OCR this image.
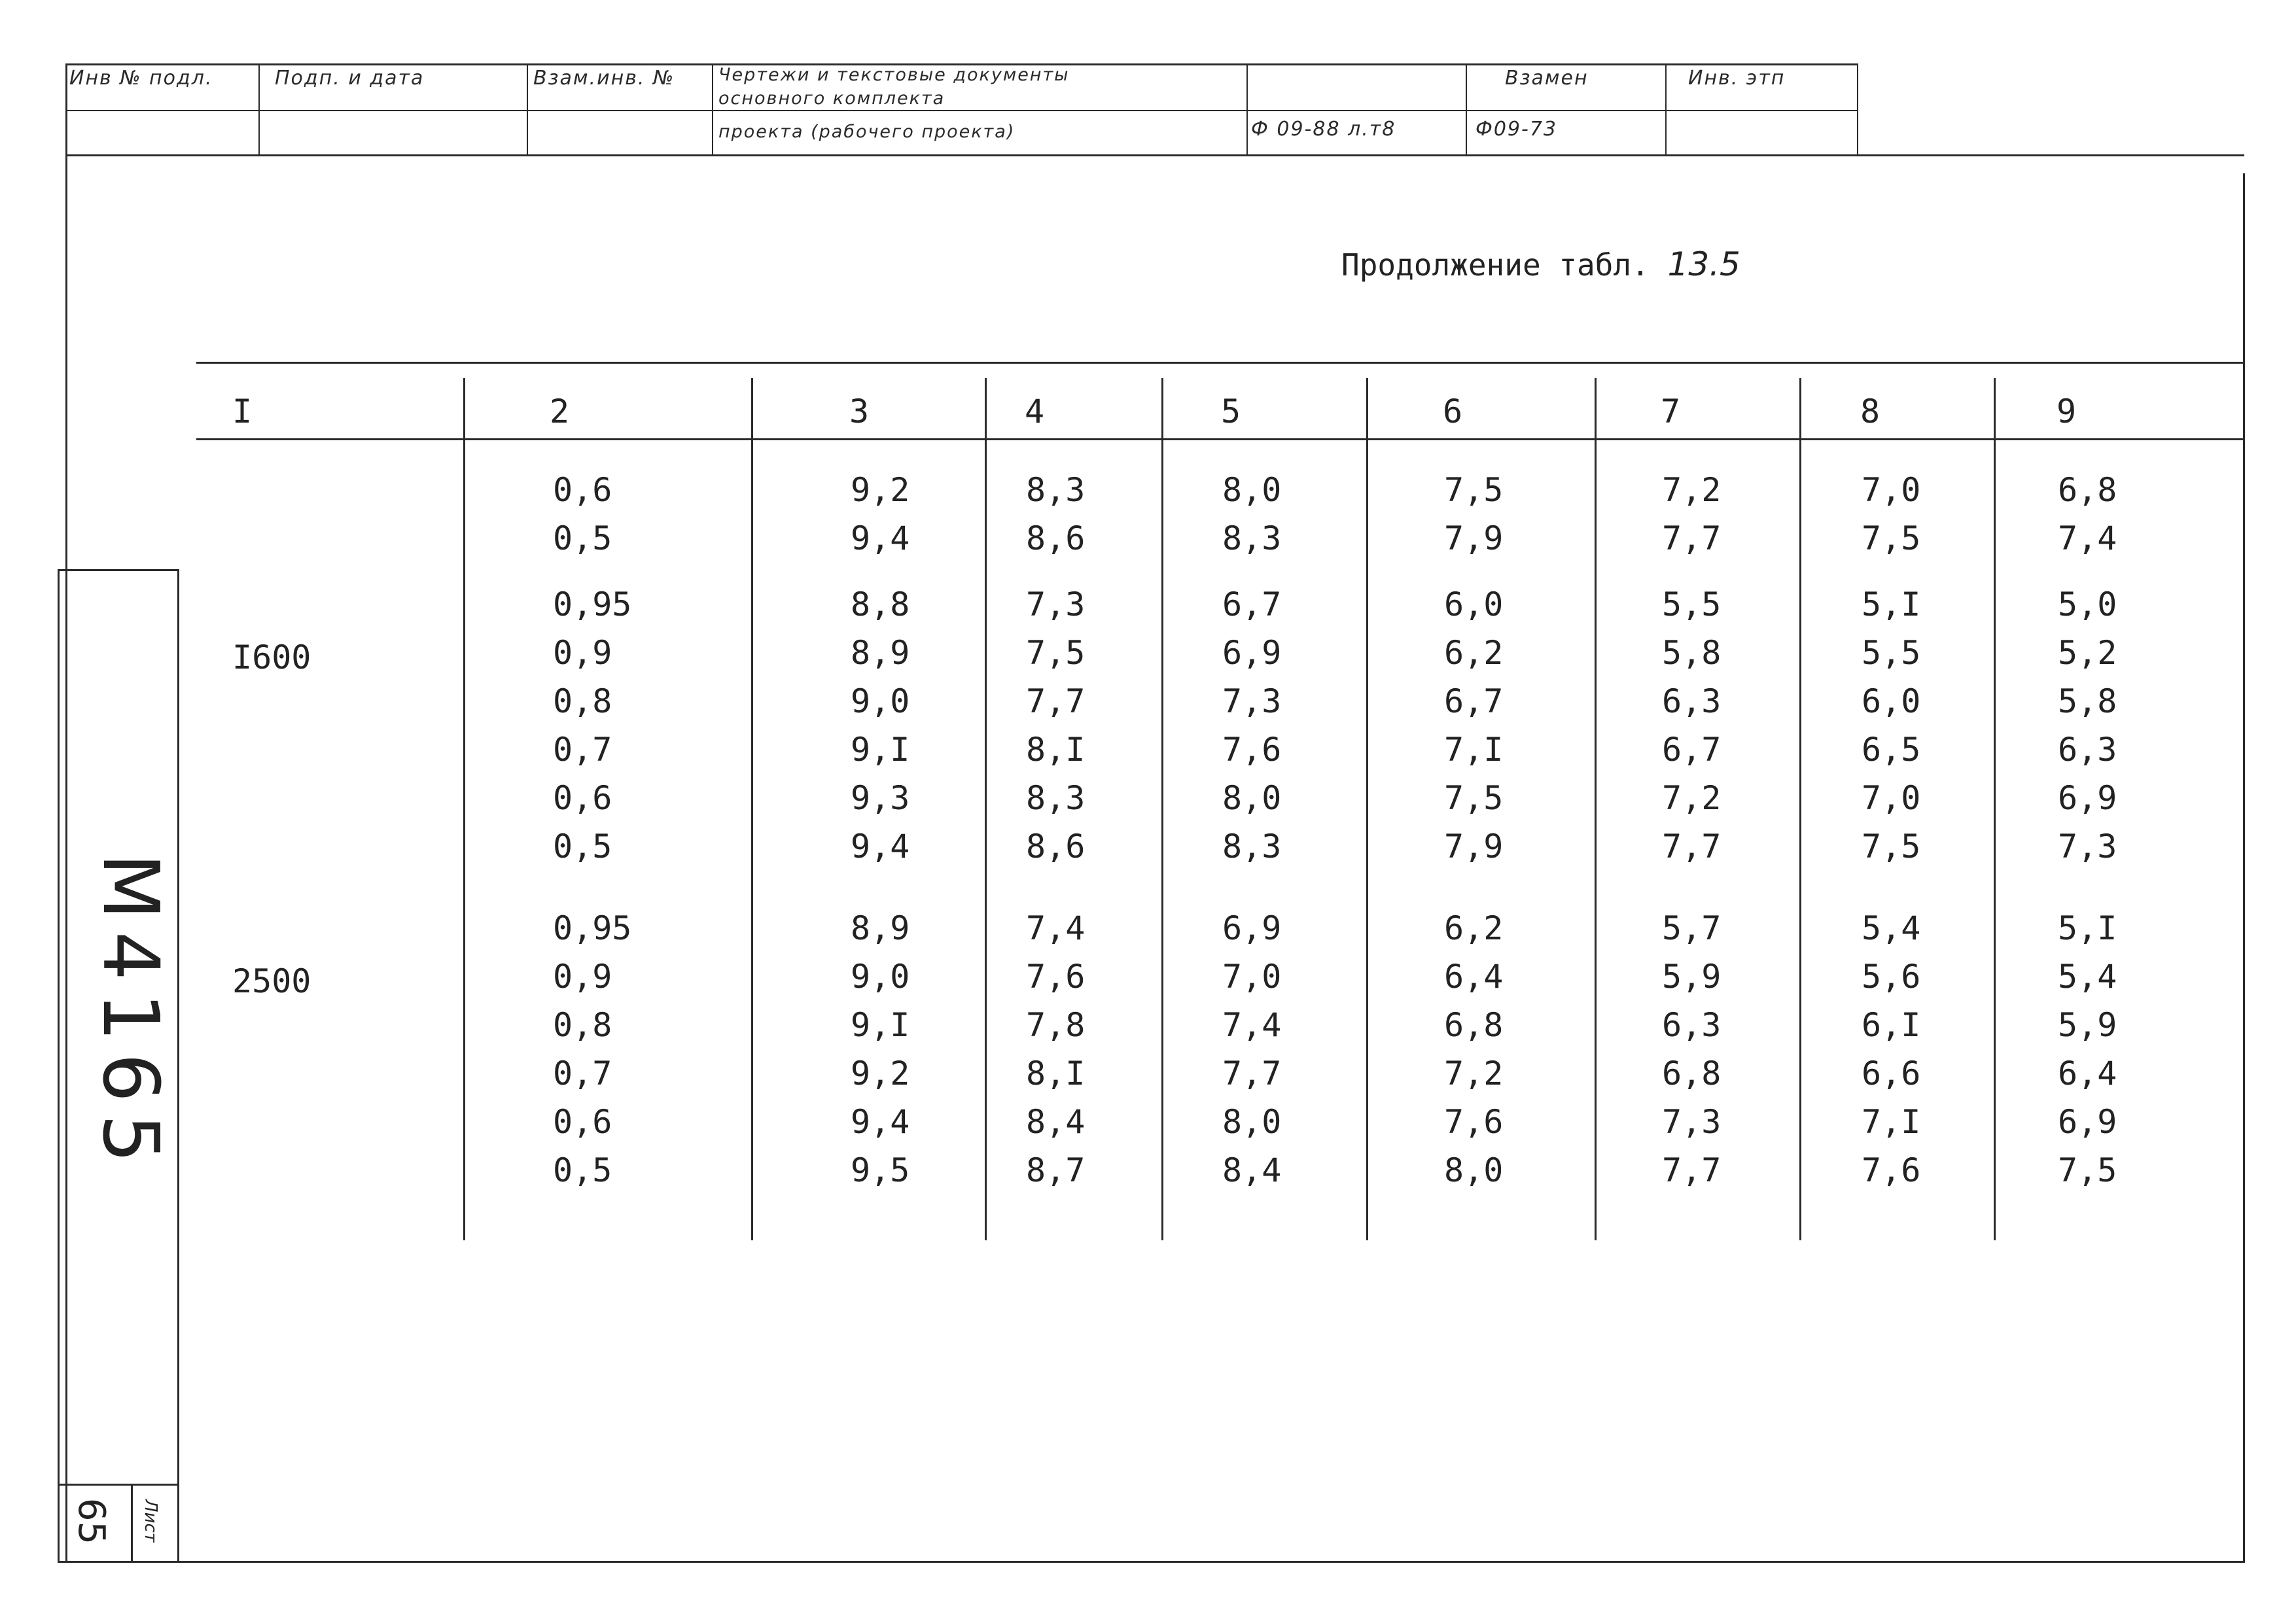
Инв № подл.	Подп. и дата	Взам.инв. № Чертежи и текстовые документы
основного комплекта
проекта (рабочего проекта)	Ф 09-88 л.т8
Взамен
Ф09-73
Инв. этп
Продолжение табл. 13.5
I	2	3	4	5	6	7	8	9
0,6	9,2	8,3	8,0	7,5	7,2	7,0	6,8
0,5	9,4	8,6	8,3	7,9	7,7	7,5	7,4
I600
0,95	8,8	7,3	6,7	6,0	5,5	5,I	5,0
0,9	8,9	7,5	6,9	6,2	5,8	5,5	5,2
0,8	9,0	7,7	7,3	6,7	6,3	6,0	5,8
0,7	9,I	8,I	7,6	7,I	6,7	6,5	6,3
0,6	9,3	8,3	8,0	7,5	7,2	7,0	6,9
0,5	9,4	8,6	8,3	7,9	7,7	7,5	7,3
2500
0,95	8,9	7,4	6,9	6,2	5,7	5,4	5,I
0,9	9,0	7,6	7,0	6,4	5,9	5,6	5,4
0,8	9,I	7,8	7,4	6,8	6,3	6,I	5,9
0,7	9,2	8,I	7,7	7,2	6,8	6,6	6,4
0,6	9,4	8,4	8,0	7,6	7,3	7,I	6,9
0,5	9,5	8,7	8,4	8,0	7,7	7,6	7,5
М4165
65 Лист
